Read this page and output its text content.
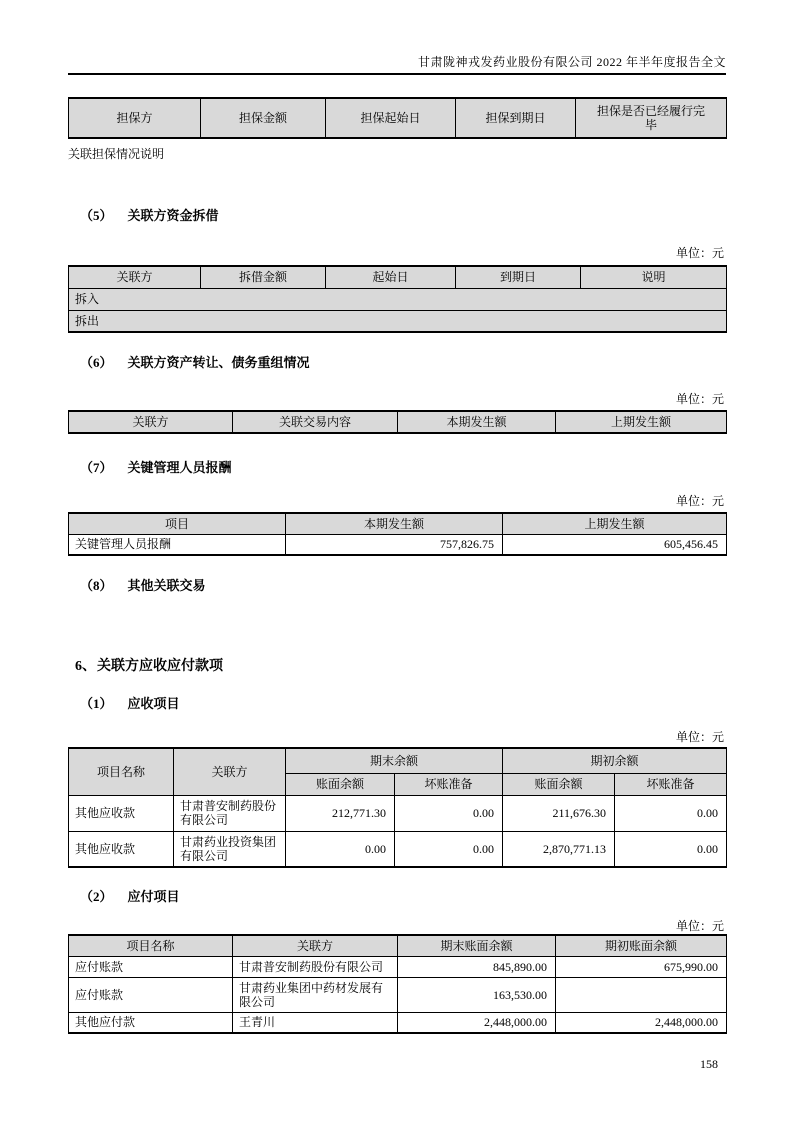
甘肃陇神戎发药业股份有限公司 2022 年半年度报告全文
担保方	担保金额	担保起始日	担保到期日	担保是否已经履行完毕
关联担保情况说明
（5） 关联方资金拆借
单位：元
关联方	拆借金额	起始日	到期日	说明
拆入
拆出
（6） 关联方资产转让、债务重组情况
单位：元
关联方	关联交易内容	本期发生额	上期发生额
（7） 关键管理人员报酬
单位：元
项目	本期发生额	上期发生额
关键管理人员报酬	757,826.75	605,456.45
（8） 其他关联交易
6、关联方应收应付款项
（1） 应收项目
单位：元
项目名称	关联方	期末余额		期初余额	
		账面余额	坏账准备	账面余额	坏账准备
其他应收款	甘肃普安制药股份有限公司	212,771.30	0.00	211,676.30	0.00
其他应收款	甘肃药业投资集团有限公司	0.00	0.00	2,870,771.13	0.00
（2） 应付项目
单位：元
项目名称	关联方	期末账面余额	期初账面余额
应付账款	甘肃普安制药股份有限公司	845,890.00	675,990.00
应付账款	甘肃药业集团中药材发展有限公司	163,530.00	
其他应付款	王青川	2,448,000.00	2,448,000.00
158
